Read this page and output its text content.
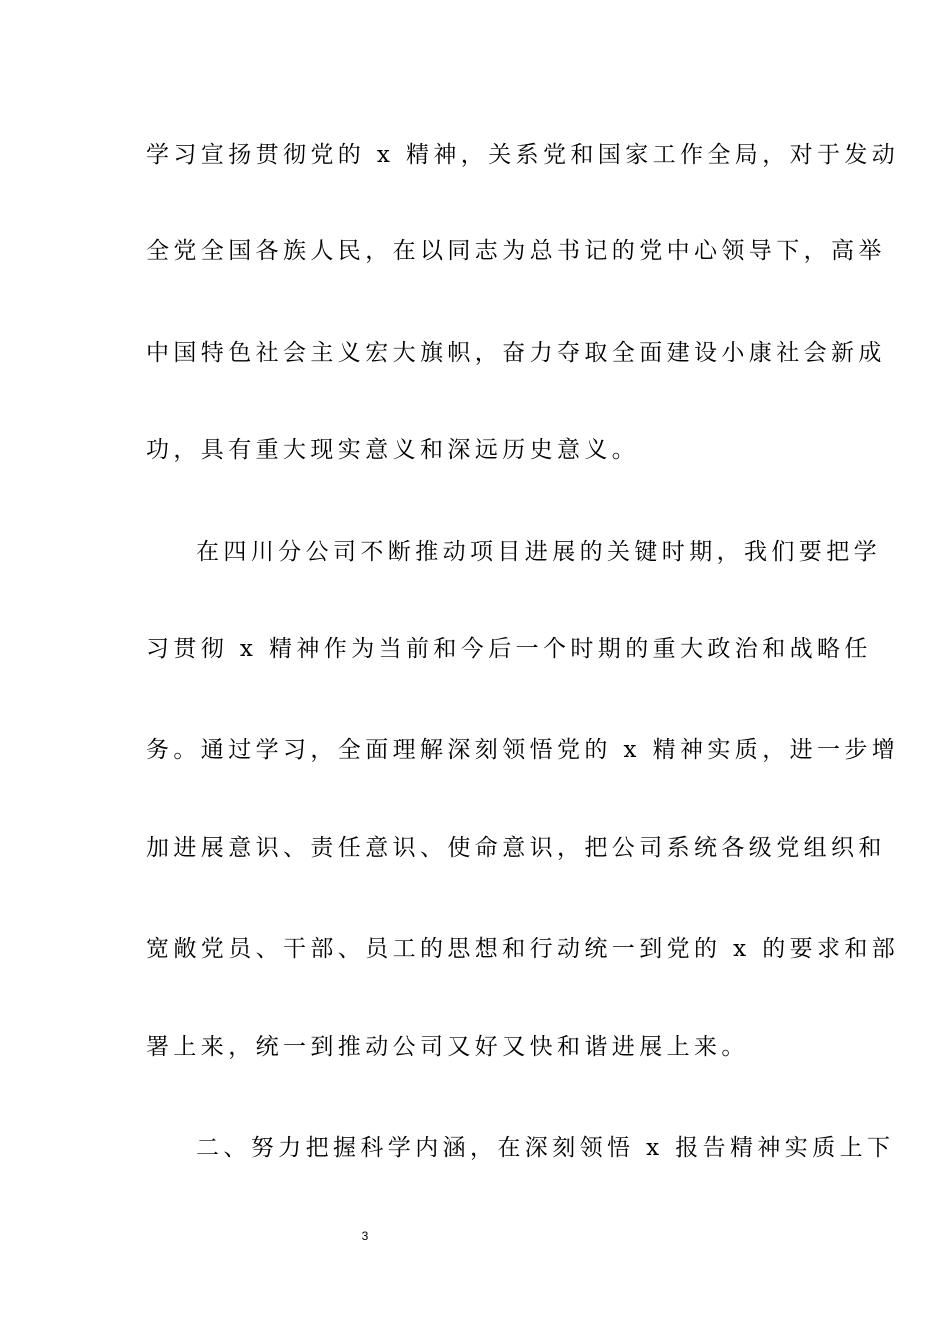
学习宣扬贯彻党的 x 精神，关系党和国家工作全局，对于发动
全党全国各族人民，在以同志为总书记的党中心领导下，高举
中国特色社会主义宏大旗帜，奋力夺取全面建设小康社会新成
功，具有重大现实意义和深远历史意义。
在四川分公司不断推动项目进展的关键时期，我们要把学
习贯彻 x 精神作为当前和今后一个时期的重大政治和战略任
务。通过学习，全面理解深刻领悟党的 x 精神实质，进一步增
加进展意识、责任意识、使命意识，把公司系统各级党组织和
宽敞党员、干部、员工的思想和行动统一到党的 x 的要求和部
署上来，统一到推动公司又好又快和谐进展上来。
二、努力把握科学内涵，在深刻领悟 x 报告精神实质上下
3
